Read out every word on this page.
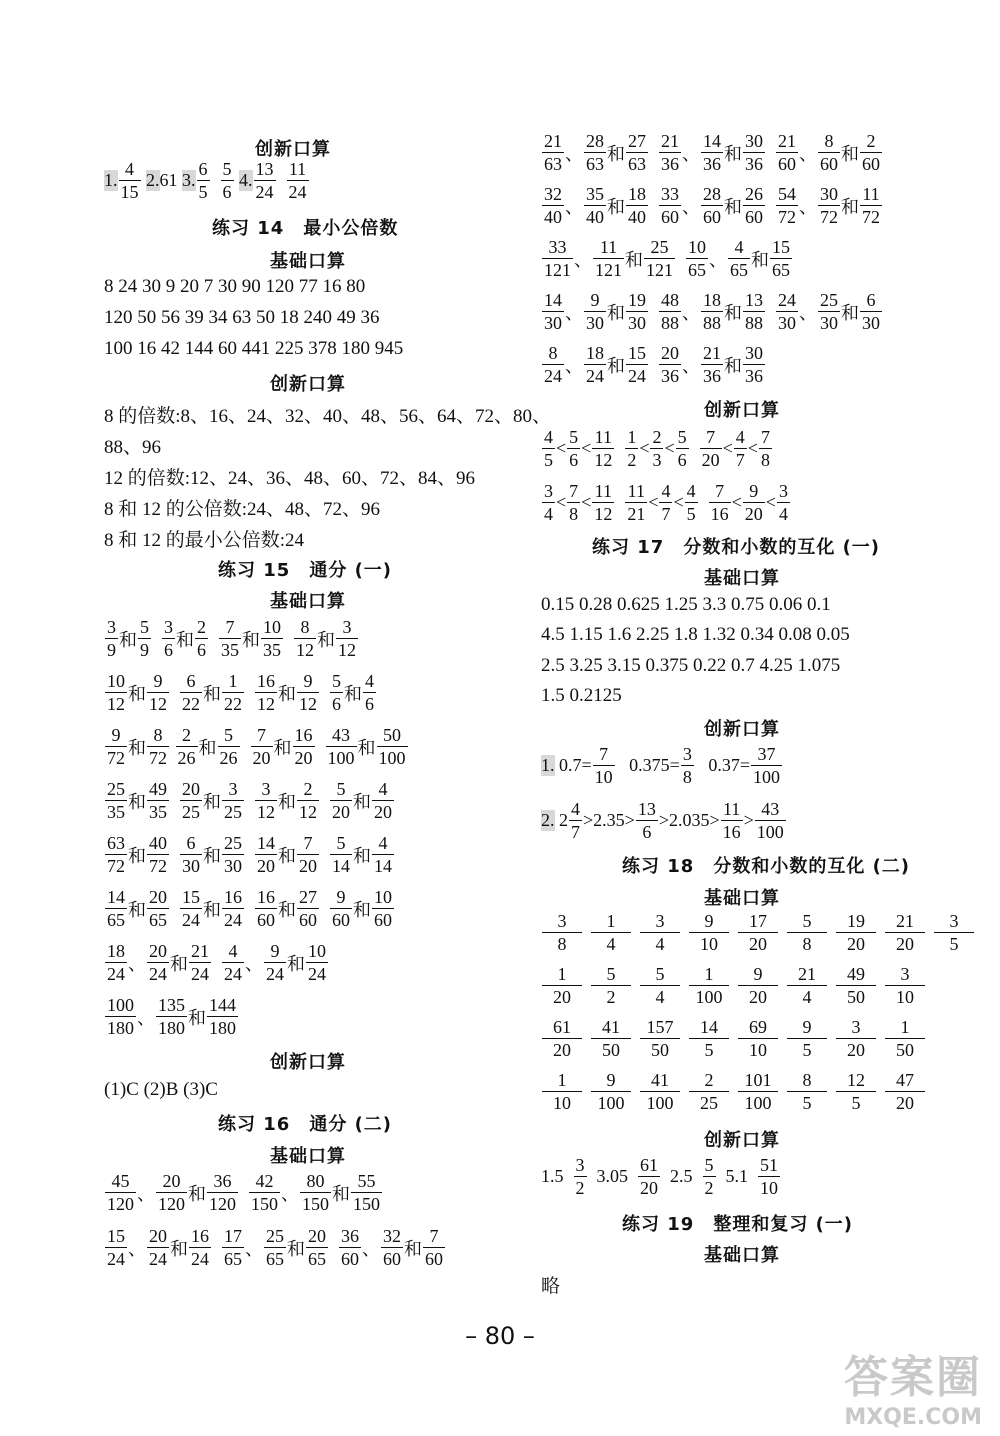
创新口算
1. $\frac{4}{15} 2.61$ 3. $\frac{6}{5}$
$\frac{5}{6} 4$. $\frac{13}{24}$
$\frac{11}{24}$
练习 14　最小公倍数
基础口算
8 24 30 9 20 7 30 90 120 77 16 80
120 50 56 39 34 63 50 18 240 49 36
100 16 42 144 60 441 225 378 180 945
创新口算
8 的倍数:8、16、24、32、40、48、56、64、72、80、
88、96
12 的倍数:12、24、36、48、60、72、84、96
8 和 12 的公倍数:24、48、72、96
8 和 12 的最小公倍数:24
练习 15　通分 (一)
基础口算
$\frac{3}{9}$ 和 $\frac{5}{9}$
$\frac{3}{6}$ 和 $\frac{2}{6}$
$\frac{7}{35}$ 和 $\frac{10}{35}$
$\frac{8}{12}$ 和 $\frac{3}{12}$
$\frac{10}{12}$ 和 $\frac{9}{12}$
$\frac{6}{22}$ 和 $\frac{1}{22}$
$\frac{16}{12}$ 和 $\frac{9}{12}$
$\frac{5}{6}$ 和 $\frac{4}{6}$
$\frac{9}{72}$ 和 $\frac{8}{72}$
$\frac{2}{26}$ 和 $\frac{5}{26}$
$\frac{7}{20}$ 和 $\frac{16}{20}$
$\frac{43}{100}$ 和 $\frac{50}{100}$
$\frac{25}{35}$ 和 $\frac{49}{35}$
$\frac{20}{25}$ 和 $\frac{3}{25}$
$\frac{3}{12}$ 和 $\frac{2}{12}$
$\frac{5}{20}$ 和 $\frac{4}{20}$
$\frac{63}{72}$ 和 $\frac{40}{72}$
$\frac{6}{30}$ 和 $\frac{25}{30}$
$\frac{14}{20}$ 和 $\frac{7}{20}$
$\frac{5}{14}$ 和 $\frac{4}{14}$
$\frac{14}{65}$ 和 $\frac{20}{65}$
$\frac{15}{24}$ 和 $\frac{16}{24}$
$\frac{16}{60}$ 和 $\frac{27}{60}$
$\frac{9}{60}$ 和 $\frac{10}{60}$
$\frac{18}{24}$ 、 $\frac{20}{24}$ 和 $\frac{21}{24}$
$\frac{4}{24}$ 、 $\frac{9}{24}$ 和 $\frac{10}{24}$
$\frac{100}{180}$ 、 $\frac{135}{180}$ 和 $\frac{144}{180}$
创新口算
(1)C (2)B (3)C
练习 16　通分 (二)
基础口算
$\frac{45}{120}$ 、 $\frac{20}{120}$ 和 $\frac{36}{120}$
$\frac{42}{150}$ 、 $\frac{80}{150}$ 和 $\frac{55}{150}$
$\frac{15}{24}$ 、 $\frac{20}{24}$ 和 $\frac{16}{24}$
$\frac{17}{65}$ 、 $\frac{25}{65}$ 和 $\frac{20}{65}$
$\frac{36}{60}$ 、 $\frac{32}{60}$ 和 $\frac{7}{60}$
$\frac{21}{63}$ 、 $\frac{28}{63}$ 和 $\frac{27}{63}$
$\frac{21}{36}$ 、 $\frac{14}{36}$ 和 $\frac{30}{36}$
$\frac{21}{60}$ 、 $\frac{8}{60}$ 和 $\frac{2}{60}$
$\frac{32}{40}$ 、 $\frac{35}{40}$ 和 $\frac{18}{40}$
$\frac{33}{60}$ 、 $\frac{28}{60}$ 和 $\frac{26}{60}$
$\frac{54}{72}$ 、 $\frac{30}{72}$ 和 $\frac{11}{72}$
$\frac{33}{121}$ 、 $\frac{11}{121}$ 和 $\frac{25}{121}$
$\frac{10}{65}$ 、 $\frac{4}{65}$ 和 $\frac{15}{65}$
$\frac{14}{30}$ 、 $\frac{9}{30}$ 和 $\frac{19}{30}$
$\frac{48}{88}$ 、 $\frac{18}{88}$ 和 $\frac{13}{88}$
$\frac{24}{30}$ 、 $\frac{25}{30}$ 和 $\frac{6}{30}$
$\frac{8}{24}$ 、 $\frac{18}{24}$ 和 $\frac{15}{24}$
$\frac{20}{36}$ 、 $\frac{21}{36}$ 和 $\frac{30}{36}$
创新口算
$\frac{4}{5} < \frac{5}{6} < \frac{11}{12}$
$\frac{1}{2} < \frac{2}{3} < \frac{5}{6}$
$\frac{7}{20} < \frac{4}{7} < \frac{7}{8}$
$\frac{3}{4} < \frac{7}{8} < \frac{11}{12}$
$\frac{11}{21} < \frac{4}{7} < \frac{4}{5}$
$\frac{7}{16} < \frac{9}{20} < \frac{3}{4}$
练习 17　分数和小数的互化 (一)
基础口算
0.15 0.28 0.625 1.25 3.3 0.75 0.06 0.1
4.5 1.15 1.6 2.25 1.8 1.32 0.34 0.08 0.05
2.5 3.25 3.15 0.375 0.22 0.7 4.25 1.075
1.5 0.2125
创新口算
1. $0.7= \frac{7}{10} 0.375= \frac{3}{8} 0.37= \frac{37}{100}$
2. $2 \frac{4}{7} >2.35> \frac{13}{6} >2.035> \frac{11}{16} > \frac{43}{100}$
练习 18　分数和小数的互化 (二)
基础口算
$\frac{3}{8} \frac{1}{4} \frac{3}{4} \frac{9}{10} \frac{17}{20} \frac{5}{8} \frac{19}{20} \frac{21}{20} \frac{3}{5}$
$\frac{1}{20} \frac{5}{2} \frac{5}{4} \frac{1}{100} \frac{9}{20} \frac{21}{4} \frac{49}{50} \frac{3}{10}$
$\frac{61}{20} \frac{41}{50} \frac{157}{50} \frac{14}{5} \frac{69}{10} \frac{9}{5} \frac{3}{20} \frac{1}{50}$
$\frac{1}{10} \frac{9}{100} \frac{41}{100} \frac{2}{25} \frac{101}{100} \frac{8}{5} \frac{12}{5} \frac{47}{20}$
创新口算
$1.5 \frac{3}{2} 3.05 \frac{61}{20} 2.5 \frac{5}{2} 5.1 \frac{51}{10}$
练习 19　整理和复习 (一)
基础口算
略
– 80 –
答案圈
MXQE.COM
